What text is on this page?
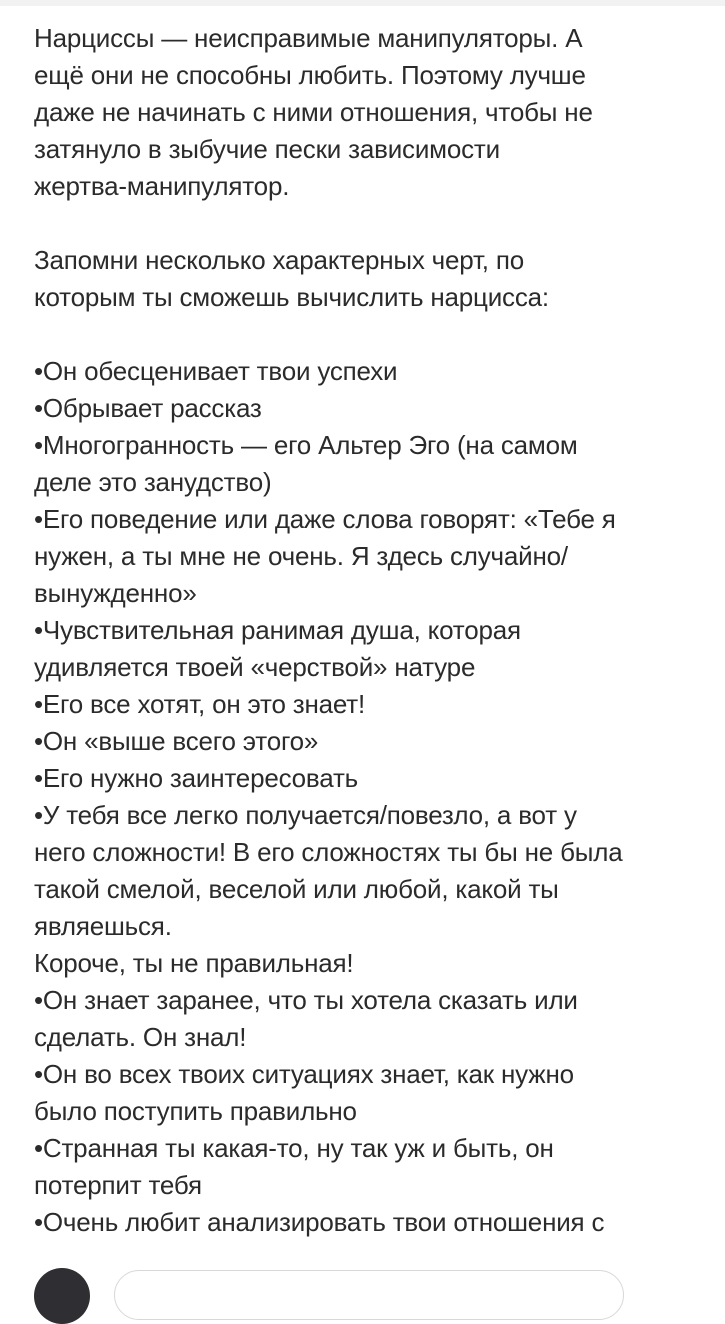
Нарциссы — неисправимые манипуляторы. А
ещё они не способны любить. Поэтому лучше
даже не начинать с ними отношения, чтобы не
затянуло в зыбучие пески зависимости
жертва-манипулятор.

Запомни несколько характерных черт, по
которым ты сможешь вычислить нарцисса:

•Он обесценивает твои успехи
•Обрывает рассказ
•Многогранность — его Альтер Эго (на самом
деле это занудство)
•Его поведение или даже слова говорят: «Тебе я
нужен, а ты мне не очень. Я здесь случайно/
вынужденно»
•Чувствительная ранимая душа, которая
удивляется твоей «черствой» натуре
•Его все хотят, он это знает!
•Он «выше всего этого»
•Его нужно заинтересовать
•У тебя все легко получается/повезло, а вот у
него сложности! В его сложностях ты бы не была
такой смелой, веселой или любой, какой ты
являешься.
Короче, ты не правильная!
•Он знает заранее, что ты хотела сказать или
сделать. Он знал!
•Он во всех твоих ситуациях знает, как нужно
было поступить правильно
•Странная ты какая-то, ну так уж и быть, он
потерпит тебя
•Очень любит анализировать твои отношения с
